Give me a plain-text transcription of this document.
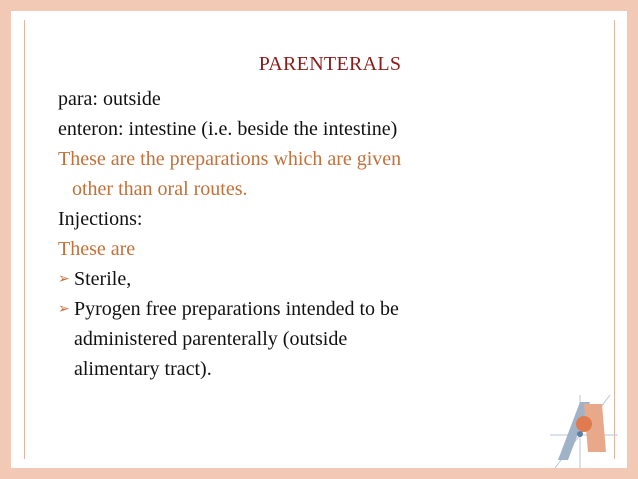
PARENTERALS
para: outside
enteron: intestine (i.e. beside the intestine)
These are the preparations which are given
other than oral routes.
Injections:
These are
➢ Sterile,
➢ Pyrogen free preparations intended to be
administered parenterally (outside
alimentary tract).
